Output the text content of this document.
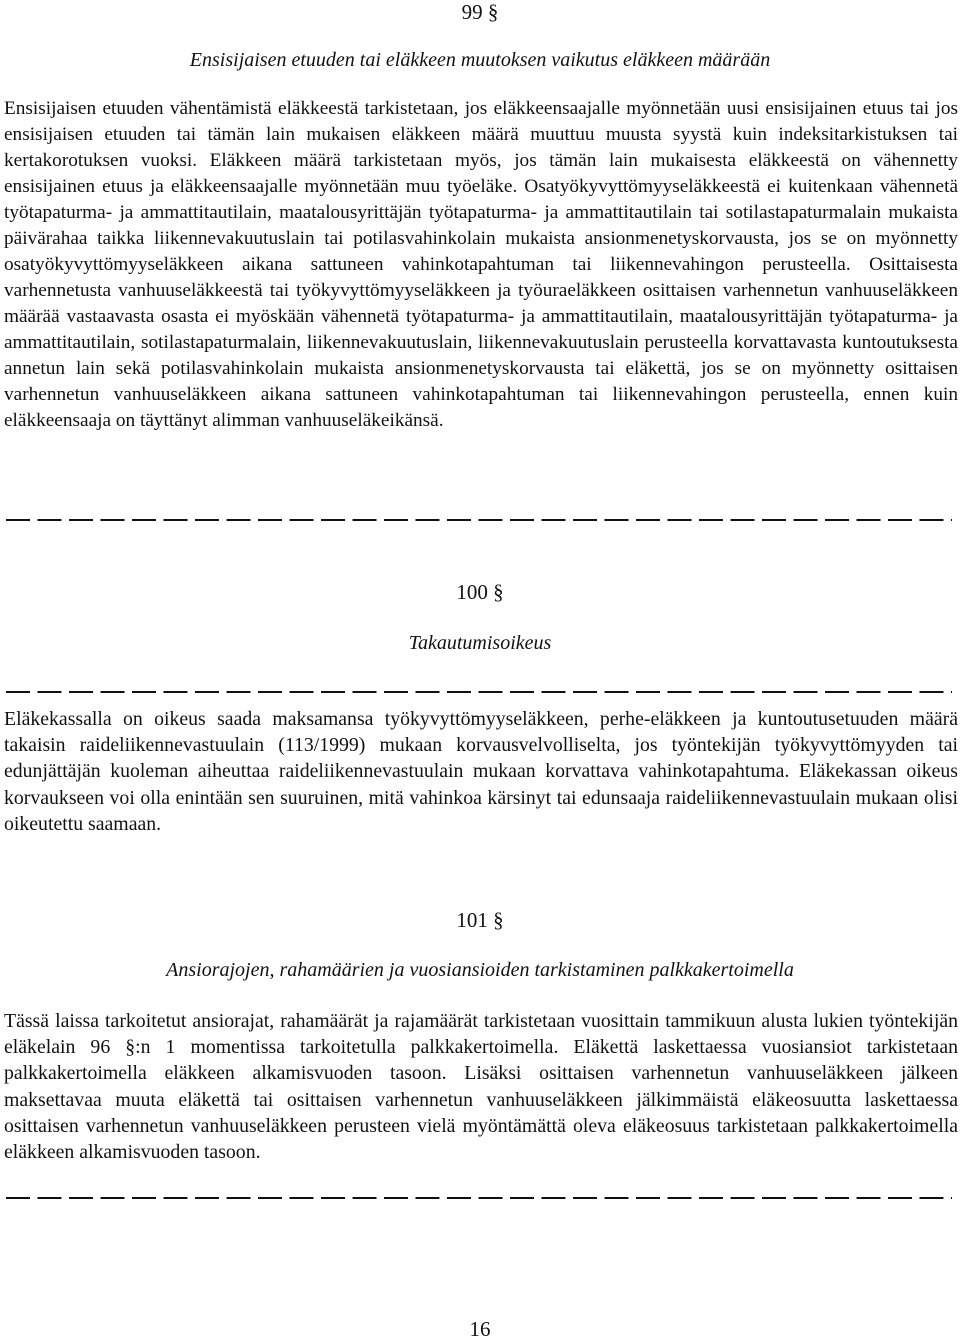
99 §
Ensisijaisen etuuden tai eläkkeen muutoksen vaikutus eläkkeen määrään
Ensisijaisen etuuden vähentämistä eläkkeestä tarkistetaan, jos eläkkeensaajalle myönnetään uusi ensisijainen etuus tai jos ensisijaisen etuuden tai tämän lain mukaisen eläkkeen määrä muuttuu muusta syystä kuin indeksitarkistuksen tai kertakorotuksen vuoksi. Eläkkeen määrä tarkistetaan myös, jos tämän lain mukaisesta eläkkeestä on vähennetty ensisijainen etuus ja eläkkeensaajalle myönnetään muu työeläke. Osatyökyvyttömyyseläkkeestä ei kuitenkaan vähennetä työtapaturma- ja ammattitautilain, maatalousyrittäjän työtapaturma- ja ammattitautilain tai sotilastapaturmalain mukaista päivärahaa taikka liikennevakuutuslain tai potilasvahinkolain mukaista ansionmenetyskorvausta, jos se on myönnetty osatyökyvyttömyyseläkkeen aikana sattuneen vahinkotapahtuman tai liikennevahingon perusteella. Osittaisesta varhennetusta vanhuuseläkkeestä tai työkyvyttömyyseläkkeen ja työuraeläkkeen osittaisen varhennetun vanhuuseläkkeen määrää vastaavasta osasta ei myöskään vähennetä työtapaturma- ja ammattitautilain, maatalousyrittäjän työtapaturma- ja ammattitautilain, sotilastapaturmalain, liikennevakuutuslain, liikennevakuutuslain perusteella korvattavasta kuntoutuksesta annetun lain sekä potilasvahinkolain mukaista ansionmenetyskorvausta tai eläkettä, jos se on myönnetty osittaisen varhennetun vanhuuseläkkeen aikana sattuneen vahinkotapahtuman tai liikennevahingon perusteella, ennen kuin eläkkeensaaja on täyttänyt alimman vanhuuseläkeikänsä.
100 §
Takautumisoikeus
Eläkekassalla on oikeus saada maksamansa työkyvyttömyyseläkkeen, perhe-eläkkeen ja kuntoutusetuuden määrä takaisin raideliikennevastuulain (113/1999) mukaan korvausvelvolliselta, jos työntekijän työkyvyttömyyden tai edunjättäjän kuoleman aiheuttaa raideliikennevastuulain mukaan korvattava vahinkotapahtuma. Eläkekassan oikeus korvaukseen voi olla enintään sen suuruinen, mitä vahinkoa kärsinyt tai edunsaaja raideliikennevastuulain mukaan olisi oikeutettu saamaan.
101 §
Ansiorajojen, rahamäärien ja vuosiansioiden tarkistaminen palkkakertoimella
Tässä laissa tarkoitetut ansiorajat, rahamäärät ja rajamäärät tarkistetaan vuosittain tammikuun alusta lukien työntekijän eläkelain 96 §:n 1 momentissa tarkoitetulla palkkakertoimella. Eläkettä laskettaessa vuosiansiot tarkistetaan palkkakertoimella eläkkeen alkamisvuoden tasoon. Lisäksi osittaisen varhennetun vanhuuseläkkeen jälkeen maksettavaa muuta eläkettä tai osittaisen varhennetun vanhuuseläkkeen jälkimmäistä eläkeosuutta laskettaessa osittaisen varhennetun vanhuuseläkkeen perusteen vielä myöntämättä oleva eläkeosuus tarkistetaan palkkakertoimella eläkkeen alkamisvuoden tasoon.
16
